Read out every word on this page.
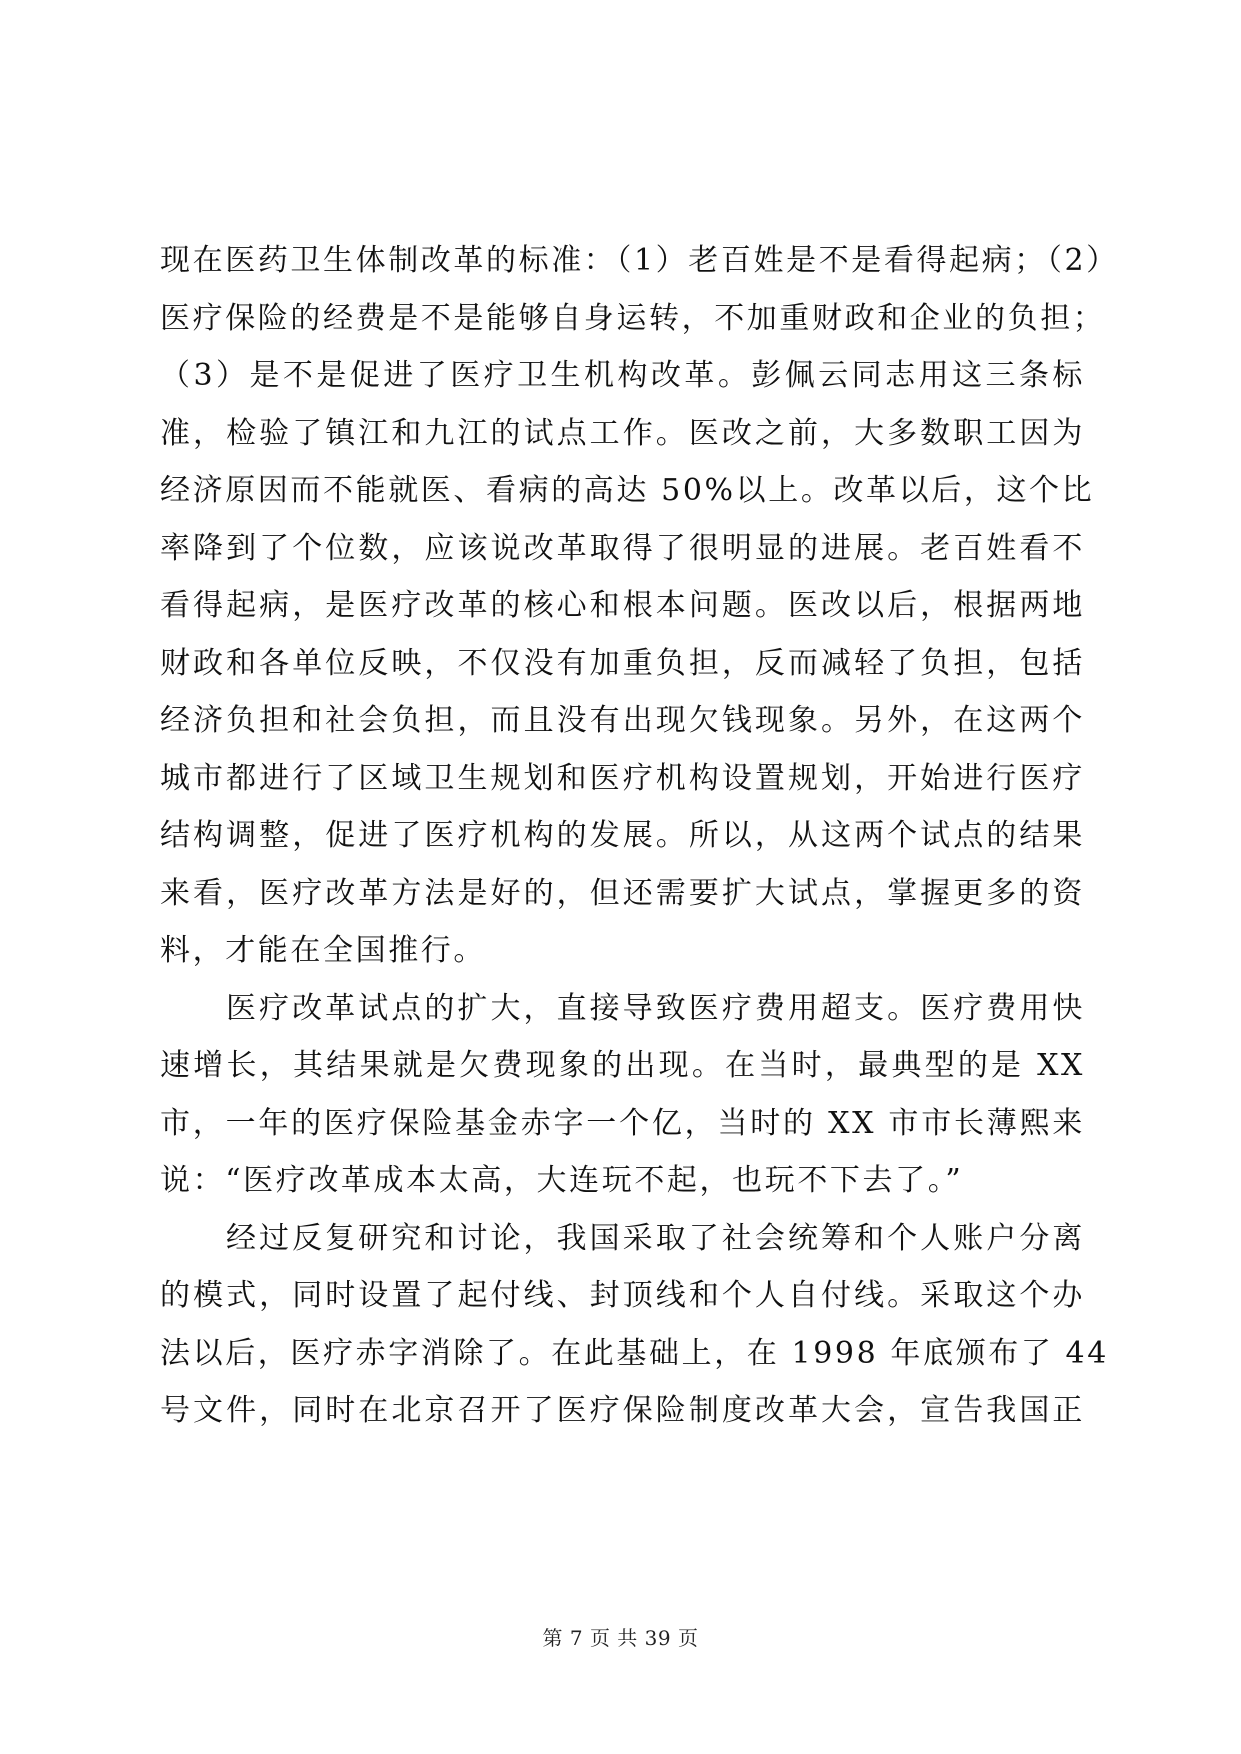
现在医药卫生体制改革的标准：（1）老百姓是不是看得起病；（2）
医疗保险的经费是不是能够自身运转，不加重财政和企业的负担；
（3）是不是促进了医疗卫生机构改革。彭佩云同志用这三条标
准，检验了镇江和九江的试点工作。医改之前，大多数职工因为
经济原因而不能就医、看病的高达 50%以上。改革以后，这个比
率降到了个位数，应该说改革取得了很明显的进展。老百姓看不
看得起病，是医疗改革的核心和根本问题。医改以后，根据两地
财政和各单位反映，不仅没有加重负担，反而减轻了负担，包括
经济负担和社会负担，而且没有出现欠钱现象。另外，在这两个
城市都进行了区域卫生规划和医疗机构设置规划，开始进行医疗
结构调整，促进了医疗机构的发展。所以，从这两个试点的结果
来看，医疗改革方法是好的，但还需要扩大试点，掌握更多的资
料，才能在全国推行。
医疗改革试点的扩大，直接导致医疗费用超支。医疗费用快
速增长，其结果就是欠费现象的出现。在当时，最典型的是 XX
市，一年的医疗保险基金赤字一个亿，当时的 XX 市市长薄熙来
说：“医疗改革成本太高，大连玩不起，也玩不下去了。”
经过反复研究和讨论，我国采取了社会统筹和个人账户分离
的模式，同时设置了起付线、封顶线和个人自付线。采取这个办
法以后，医疗赤字消除了。在此基础上，在 1998 年底颁布了 44
号文件，同时在北京召开了医疗保险制度改革大会，宣告我国正
第 7 页 共 39 页
